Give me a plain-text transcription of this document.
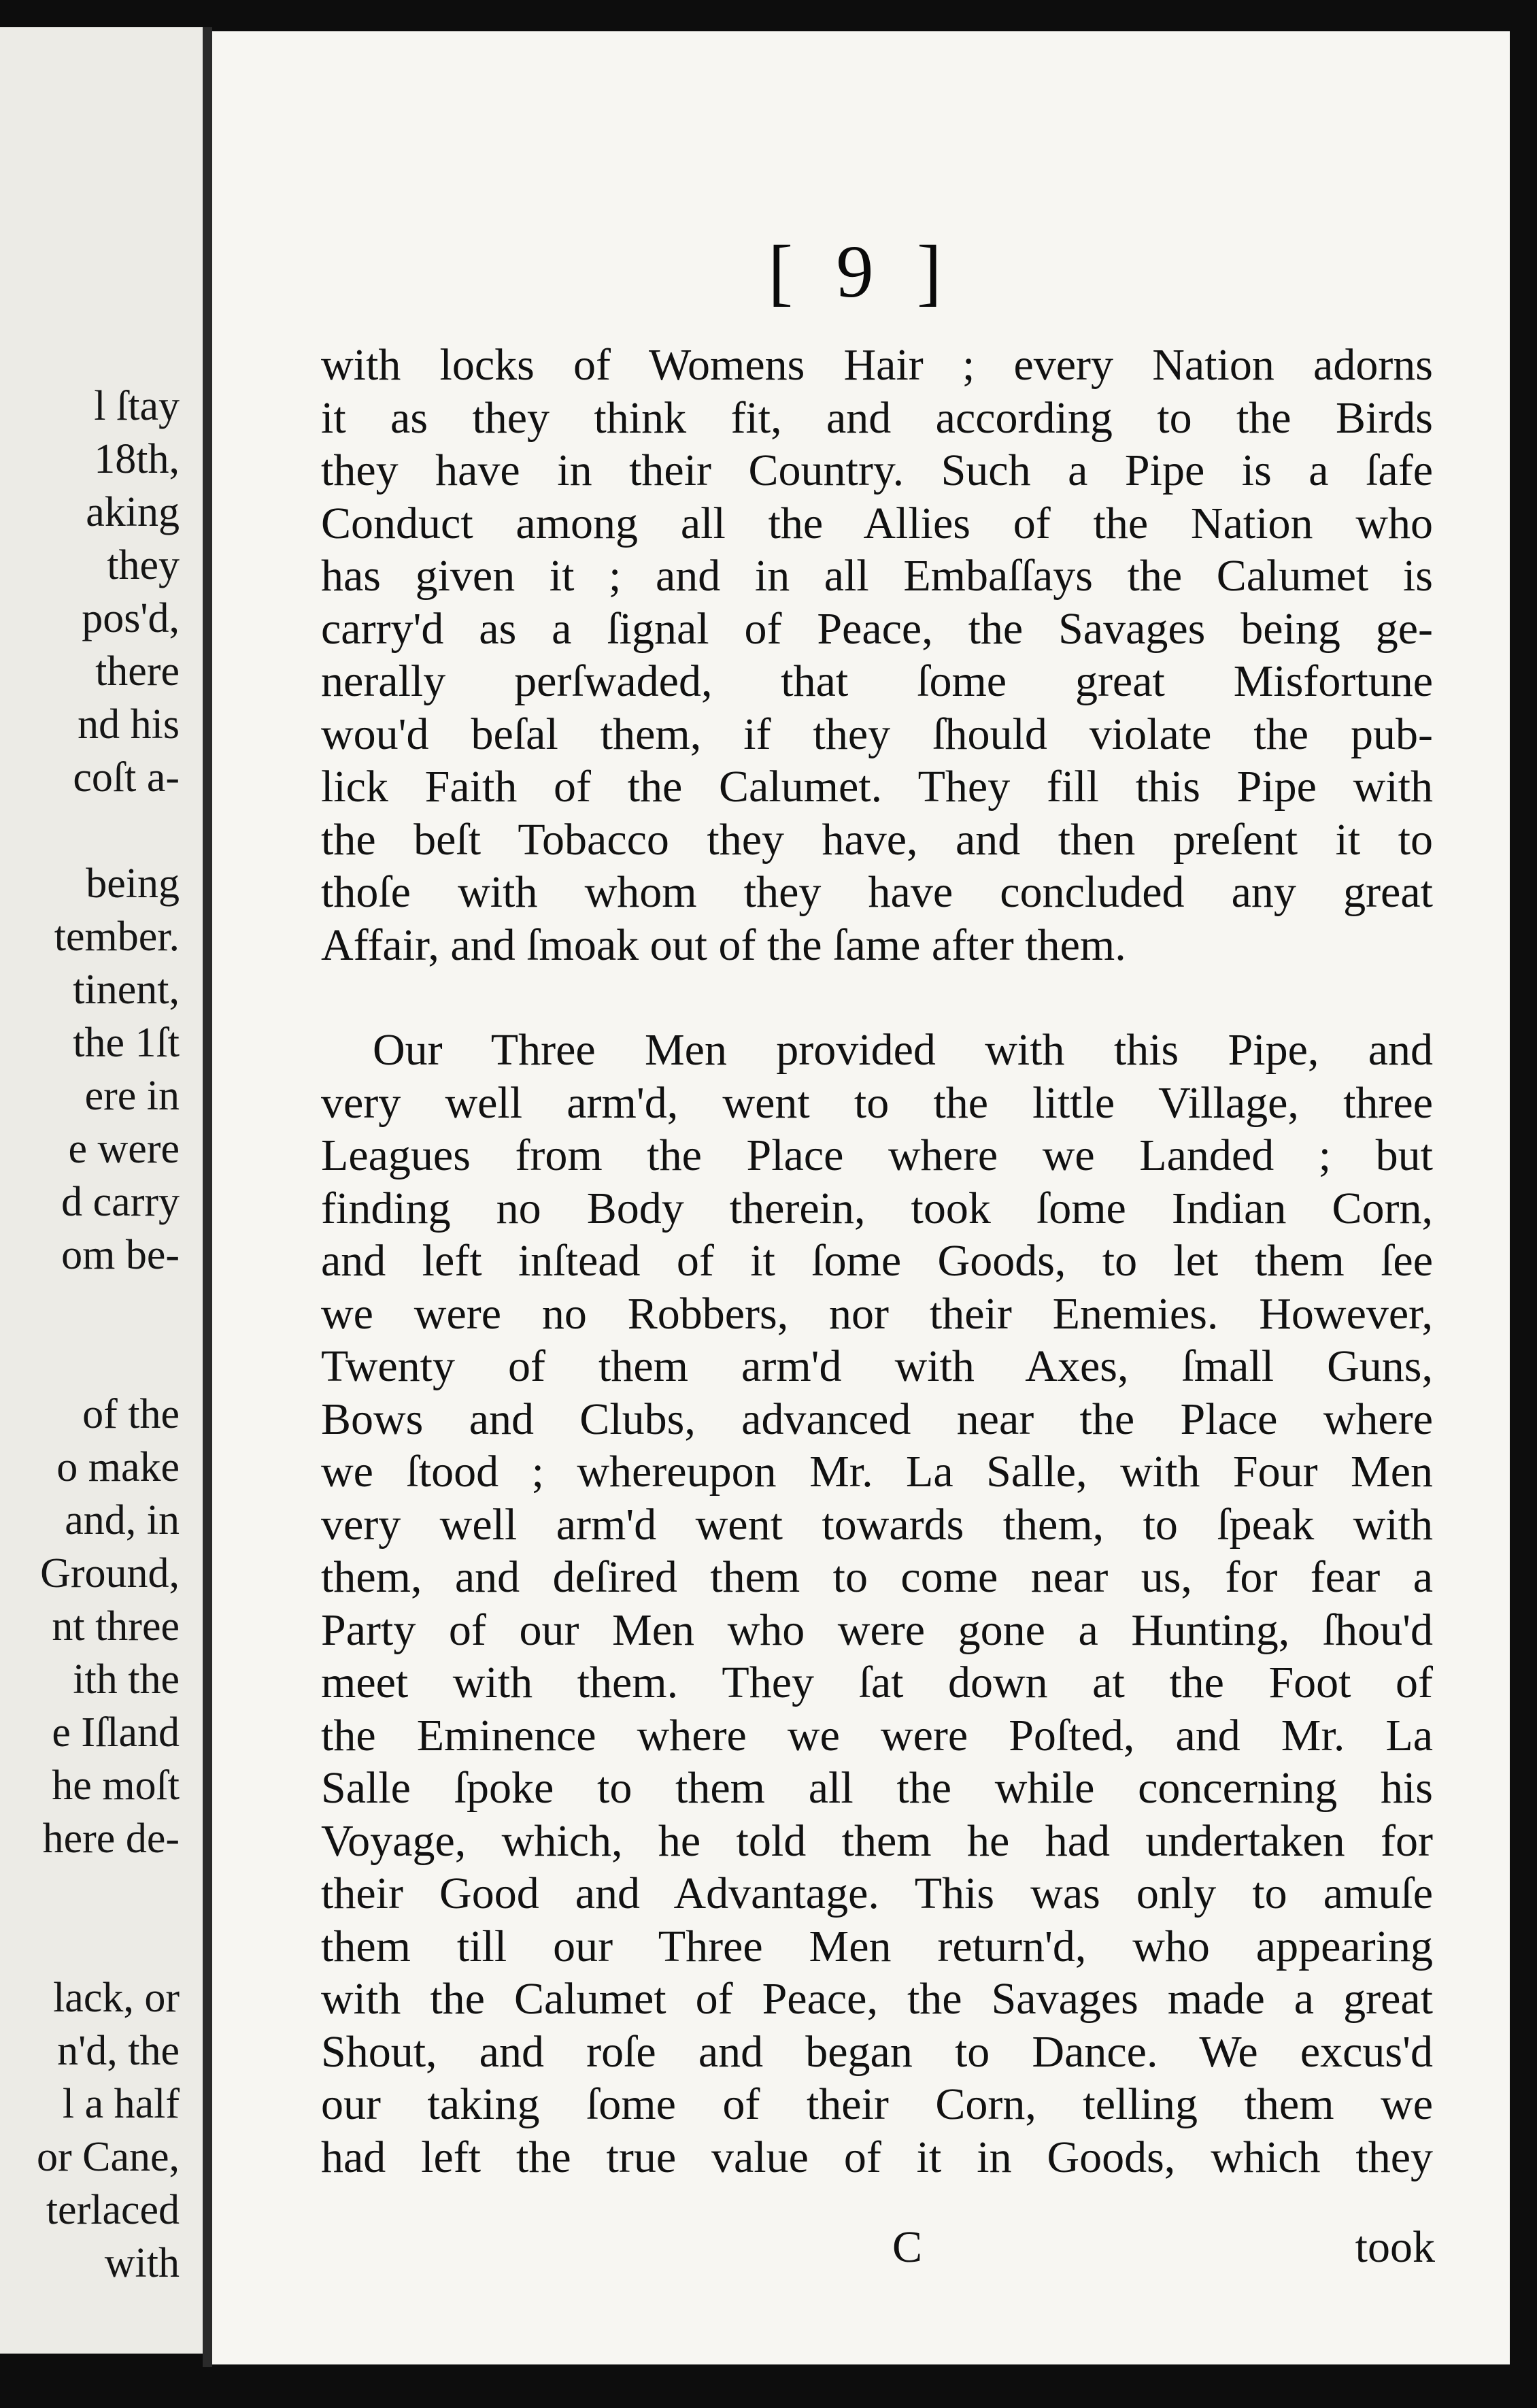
l ſtay
18th,
aking
they
pos'd,
there
nd his
coſt a-
being
tember.
tinent,
the 1ſt
ere in
e were
d carry
om be-
of the
o make
and, in
Ground,
nt three
ith the
e Iſland
he moſt
here de-
lack, or
n'd, the
l a half
or Cane,
terlaced
with
[ 9 ]
with locks of Womens Hair ; every Nation adorns
it as they think fit, and according to the Birds
they have in their Country. Such a Pipe is a ſafe
Conduct among all the Allies of the Nation who
has given it ; and in all Embaſſays the Calumet is
carry'd as a ſignal of Peace, the Savages being ge-
nerally perſwaded, that ſome great Misfortune
wou'd beſal them, if they ſhould violate the pub-
lick Faith of the Calumet. They fill this Pipe with
the beſt Tobacco they have, and then preſent it to
thoſe with whom they have concluded any great
Affair, and ſmoak out of the ſame after them.
Our Three Men provided with this Pipe, and
very well arm'd, went to the little Village, three
Leagues from the Place where we Landed ; but
finding no Body therein, took ſome Indian Corn,
and left inſtead of it ſome Goods, to let them ſee
we were no Robbers, nor their Enemies. However,
Twenty of them arm'd with Axes, ſmall Guns,
Bows and Clubs, advanced near the Place where
we ſtood ; whereupon Mr. La Salle, with Four Men
very well arm'd went towards them, to ſpeak with
them, and deſired them to come near us, for fear a
Party of our Men who were gone a Hunting, ſhou'd
meet with them. They ſat down at the Foot of
the Eminence where we were Poſted, and Mr. La
Salle ſpoke to them all the while concerning his
Voyage, which, he told them he had undertaken for
their Good and Advantage. This was only to amuſe
them till our Three Men return'd, who appearing
with the Calumet of Peace, the Savages made a great
Shout, and roſe and began to Dance. We excus'd
our taking ſome of their Corn, telling them we
had left the true value of it in Goods, which they
C	took
